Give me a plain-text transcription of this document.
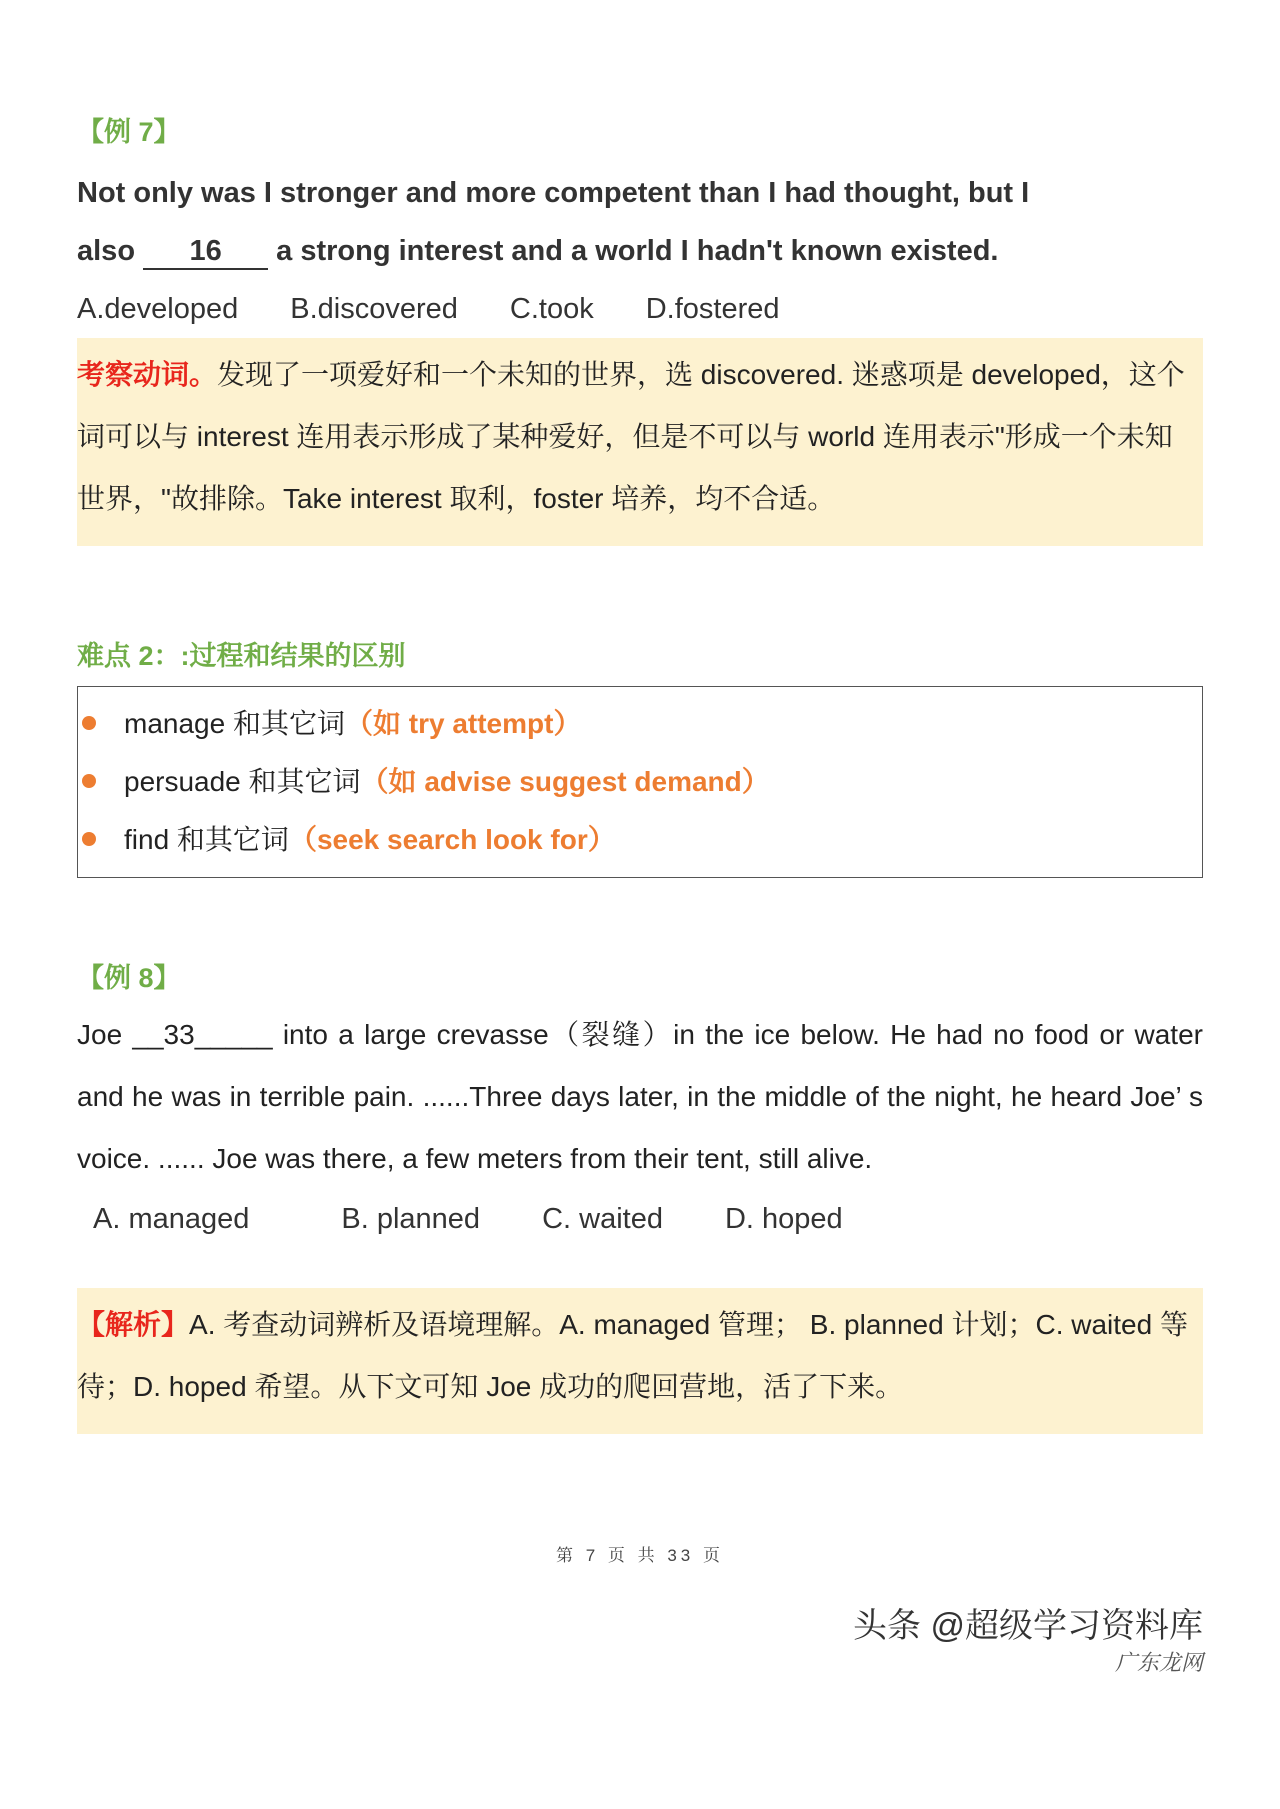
【例 7】
Not only was I stronger and more competent than I had thought, but I
also 16 a strong interest and a world I hadn't known existed.
A.developed B.discovered C.took D.fostered
考察动词。发现了一项爱好和一个未知的世界，选 discovered. 迷惑项是 developed，这个词可以与 interest 连用表示形成了某种爱好，但是不可以与 world 连用表示"形成一个未知世界，"故排除。Take interest 取利，foster 培养，均不合适。
难点 2：:过程和结果的区别
manage 和其它词（如 try attempt）
persuade 和其它词（如 advise suggest demand）
find 和其它词（seek search look for）
【例 8】
Joe __33_____ into a large crevasse（裂缝）in the ice below. He had no food or water and he was in terrible pain. ......Three days later, in the middle of the night, he heard Joe’ s voice. ...... Joe was there, a few meters from their tent, still alive.
A. managed	B. planned C. waited D. hoped
【解析】A. 考查动词辨析及语境理解。A. managed 管理； B. planned 计划；C. waited 等待；D. hoped 希望。从下文可知 Joe 成功的爬回营地，活了下来。
第 7 页 共 33 页
头条 @超级学习资料库
广东龙网
